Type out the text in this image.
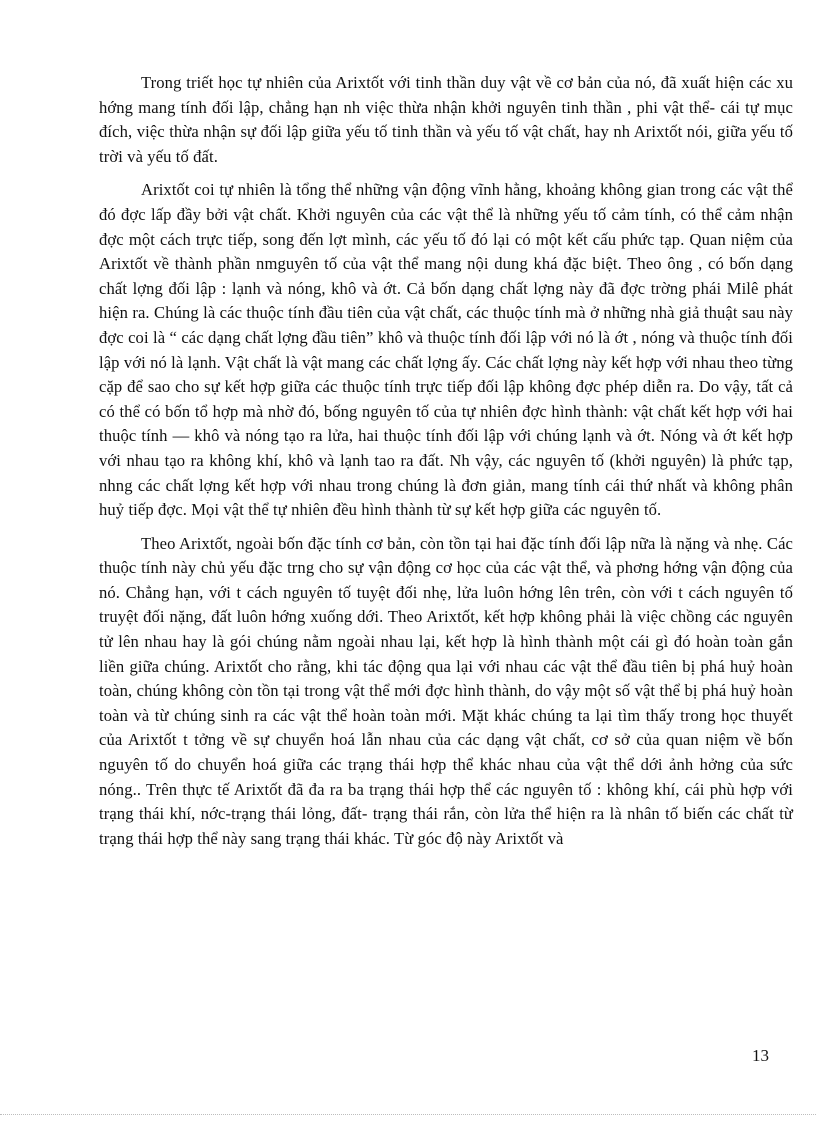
Trong triết học tự nhiên của Arixtốt với tinh thần duy vật về cơ bản của nó, đã xuất hiện các xu hớng mang tính đối lập, chẳng hạn nh việc thừa nhận khởi nguyên tinh thần , phi vật thể- cái tự mục đích, việc thừa nhận sự đối lập giữa yếu tố tinh thần và yếu tố vật chất, hay nh Arixtốt nói, giữa yếu tố trời và yếu tố đất.

Arixtốt coi tự nhiên là tổng thể những vận động vĩnh hằng, khoảng không gian trong các vật thể đó đợc lấp đầy bởi vật chất. Khởi nguyên của các vật thể là những yếu tố cảm tính, có thể cảm nhận đợc một cách trực tiếp, song đến lợt mình, các yếu tố đó lại có một kết cấu phức tạp. Quan niệm của Arixtốt về thành phần nmguyên tố của vật thể mang nội dung khá đặc biệt. Theo ông , có bốn dạng chất lợng đối lập : lạnh và nóng, khô và ớt. Cả bốn dạng chất lợng này đã đợc trờng phái Milê phát hiện ra. Chúng là các thuộc tính đầu tiên của vật chất, các thuộc tính mà ở những nhà giả thuật sau này đợc coi là “ các dạng chất lợng đầu tiên” khô và thuộc tính đối lập với nó là ớt , nóng và thuộc tính đối lập với nó là lạnh. Vật chất là vật mang các chất lợng ấy. Các chất lợng này kết hợp với nhau theo từng cặp để sao cho sự kết hợp giữa các thuộc tính trực tiếp đối lập không đợc phép diễn ra. Do vậy, tất cả có thể có bốn tổ hợp mà nhờ đó, bống nguyên tố của tự nhiên đợc hình thành: vật chất kết hợp với hai thuộc tính — khô và nóng tạo ra lửa, hai thuộc tính đối lập với chúng lạnh và ớt. Nóng và ớt kết hợp với nhau tạo ra không khí, khô và lạnh tao ra đất. Nh vậy, các nguyên tố (khởi nguyên) là phức tạp, nhng các chất lợng kết hợp với nhau trong chúng là đơn giản, mang tính cái thứ nhất và không phân huỷ tiếp đợc. Mọi vật thể tự nhiên đều hình thành từ sự kết hợp giữa các nguyên tố.

Theo Arixtốt, ngoài bốn đặc tính cơ bản, còn tồn tại hai đặc tính đối lập nữa là nặng và nhẹ. Các thuộc tính này chủ yếu đặc trng cho sự vận động cơ học của các vật thể, và phơng hớng vận động của nó. Chẳng hạn, với t cách nguyên tố tuyệt đối nhẹ, lửa luôn hớng lên trên, còn với t cách nguyên tố truyệt đối nặng, đất luôn hớng xuống dới. Theo Arixtốt, kết hợp không phải là việc chồng các nguyên tử lên nhau hay là gói chúng nằm ngoài nhau lại, kết hợp là hình thành một cái gì đó hoàn toàn gắn liền giữa chúng. Arixtốt cho rằng, khi tác động qua lại với nhau các vật thể đầu tiên bị phá huỷ hoàn toàn, chúng không còn tồn tại trong vật thể mới đợc hình thành, do vậy một số vật thể bị phá huỷ hoàn toàn và từ chúng sinh ra các vật thể hoàn toàn mới. Mặt khác chúng ta lại tìm thấy trong học thuyết của Arixtốt t tởng về sự chuyển hoá lẫn nhau của các dạng vật chất, cơ sở của quan niệm về bốn nguyên tố do chuyển hoá giữa các trạng thái hợp thể khác nhau của vật thể dới ảnh hởng của sức nóng.. Trên thực tế Arixtốt đã đa ra ba trạng thái hợp thể các nguyên tố : không khí, cái phù hợp với trạng thái khí, nớc-trạng thái lỏng, đất- trạng thái rắn, còn lửa thể hiện ra là nhân tố biến các chất từ trạng thái hợp thể này sang trạng thái khác. Từ góc độ này Arixtốt và

13
